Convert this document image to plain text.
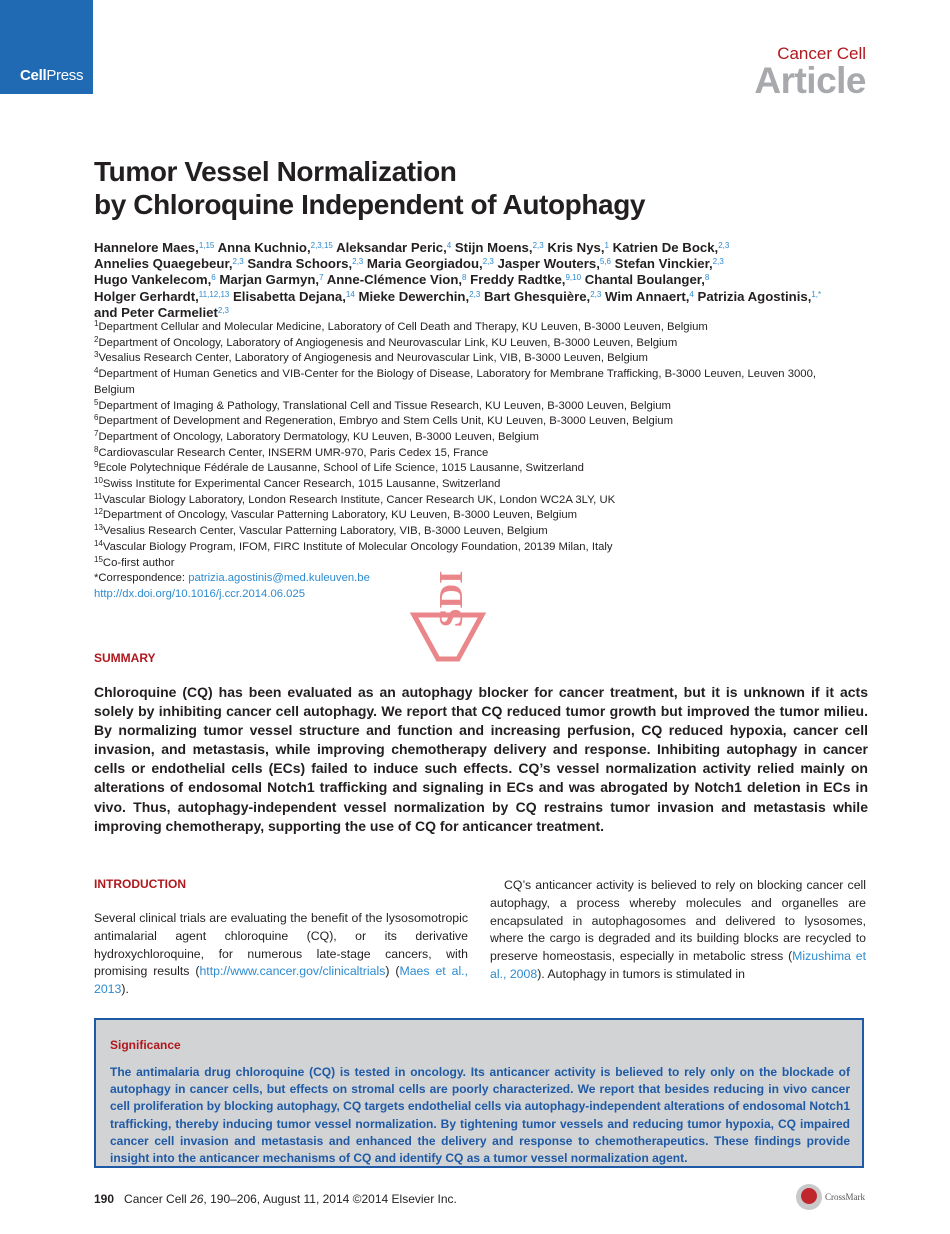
CellPress
Cancer Cell
Article
Tumor Vessel Normalization
by Chloroquine Independent of Autophagy
Hannelore Maes,$^{1,15}$ Anna Kuchnio,$^{2,3,15}$ Aleksandar Peric,$^4$ Stijn Moens,$^{2,3}$ Kris Nys,$^1$ Katrien De Bock,$^{2,3}$
Annelies Quaegebeur,$^{2,3}$ Sandra Schoors,$^{2,3}$ Maria Georgiadou,$^{2,3}$ Jasper Wouters,$^{5,6}$ Stefan Vinckier,$^{2,3}$
Hugo Vankelecom,$^6$ Marjan Garmyn,$^7$ Anne-Clémence Vion,$^8$ Freddy Radtke,$^{9,10}$ Chantal Boulanger,$^8$
Holger Gerhardt,$^{11,12,13}$ Elisabetta Dejana,$^{14}$ Mieke Dewerchin,$^{2,3}$ Bart Ghesquière,$^{2,3}$ Wim Annaert,$^4$ Patrizia Agostinis,$^{1,*}$
and Peter Carmeliet$^{2,3}$
$^1$Department Cellular and Molecular Medicine, Laboratory of Cell Death and Therapy, KU Leuven, B-3000 Leuven, Belgium
$^2$Department of Oncology, Laboratory of Angiogenesis and Neurovascular Link, KU Leuven, B-3000 Leuven, Belgium
$^3$Vesalius Research Center, Laboratory of Angiogenesis and Neurovascular Link, VIB, B-3000 Leuven, Belgium
$^4$Department of Human Genetics and VIB-Center for the Biology of Disease, Laboratory for Membrane Trafficking, B-3000 Leuven, Leuven 3000, Belgium
$^5$Department of Imaging & Pathology, Translational Cell and Tissue Research, KU Leuven, B-3000 Leuven, Belgium
$^6$Department of Development and Regeneration, Embryo and Stem Cells Unit, KU Leuven, B-3000 Leuven, Belgium
$^7$Department of Oncology, Laboratory Dermatology, KU Leuven, B-3000 Leuven, Belgium
$^8$Cardiovascular Research Center, INSERM UMR-970, Paris Cedex 15, France
$^9$Ecole Polytechnique Fédérale de Lausanne, School of Life Science, 1015 Lausanne, Switzerland
$^{10}$Swiss Institute for Experimental Cancer Research, 1015 Lausanne, Switzerland
$^{11}$Vascular Biology Laboratory, London Research Institute, Cancer Research UK, London WC2A 3LY, UK
$^{12}$Department of Oncology, Vascular Patterning Laboratory, KU Leuven, B-3000 Leuven, Belgium
$^{13}$Vesalius Research Center, Vascular Patterning Laboratory, VIB, B-3000 Leuven, Belgium
$^{14}$Vascular Biology Program, IFOM, FIRC Institute of Molecular Oncology Foundation, 20139 Milan, Italy
$^{15}$Co-first author
*Correspondence: patrizia.agostinis@med.kuleuven.be
http://dx.doi.org/10.1016/j.ccr.2014.06.025	SDI
SUMMARY
Chloroquine (CQ) has been evaluated as an autophagy blocker for cancer treatment, but it is unknown if it acts solely by inhibiting cancer cell autophagy. We report that CQ reduced tumor growth but improved the tumor milieu. By normalizing tumor vessel structure and function and increasing perfusion, CQ reduced hypoxia, cancer cell invasion, and metastasis, while improving chemotherapy delivery and response. Inhibiting autophagy in cancer cells or endothelial cells (ECs) failed to induce such effects. CQ’s vessel normalization activity relied mainly on alterations of endosomal Notch1 trafficking and signaling in ECs and was abrogated by Notch1 deletion in ECs in vivo. Thus, autophagy-independent vessel normalization by CQ restrains tumor invasion and metastasis while improving chemotherapy, supporting the use of CQ for anticancer treatment.
INTRODUCTION
Several clinical trials are evaluating the benefit of the lysosomotropic antimalarial agent chloroquine (CQ), or its derivative hydroxychloroquine, for numerous late-stage cancers, with promising results (http://www.cancer.gov/clinicaltrials) (Maes et al., 2013).
CQ’s anticancer activity is believed to rely on blocking cancer cell autophagy, a process whereby molecules and organelles are encapsulated in autophagosomes and delivered to lysosomes, where the cargo is degraded and its building blocks are recycled to preserve homeostasis, especially in metabolic stress (Mizushima et al., 2008). Autophagy in tumors is stimulated in
Significance
The antimalaria drug chloroquine (CQ) is tested in oncology. Its anticancer activity is believed to rely only on the blockade of autophagy in cancer cells, but effects on stromal cells are poorly characterized. We report that besides reducing in vivo cancer cell proliferation by blocking autophagy, CQ targets endothelial cells via autophagy-independent alterations of endosomal Notch1 trafficking, thereby inducing tumor vessel normalization. By tightening tumor vessels and reducing tumor hypoxia, CQ impaired cancer cell invasion and metastasis and enhanced the delivery and response to chemotherapeutics. These findings provide insight into the anticancer mechanisms of CQ and identify CQ as a tumor vessel normalization agent.
190 Cancer Cell 26, 190–206, August 11, 2014 ©2014 Elsevier Inc.	CrossMark
